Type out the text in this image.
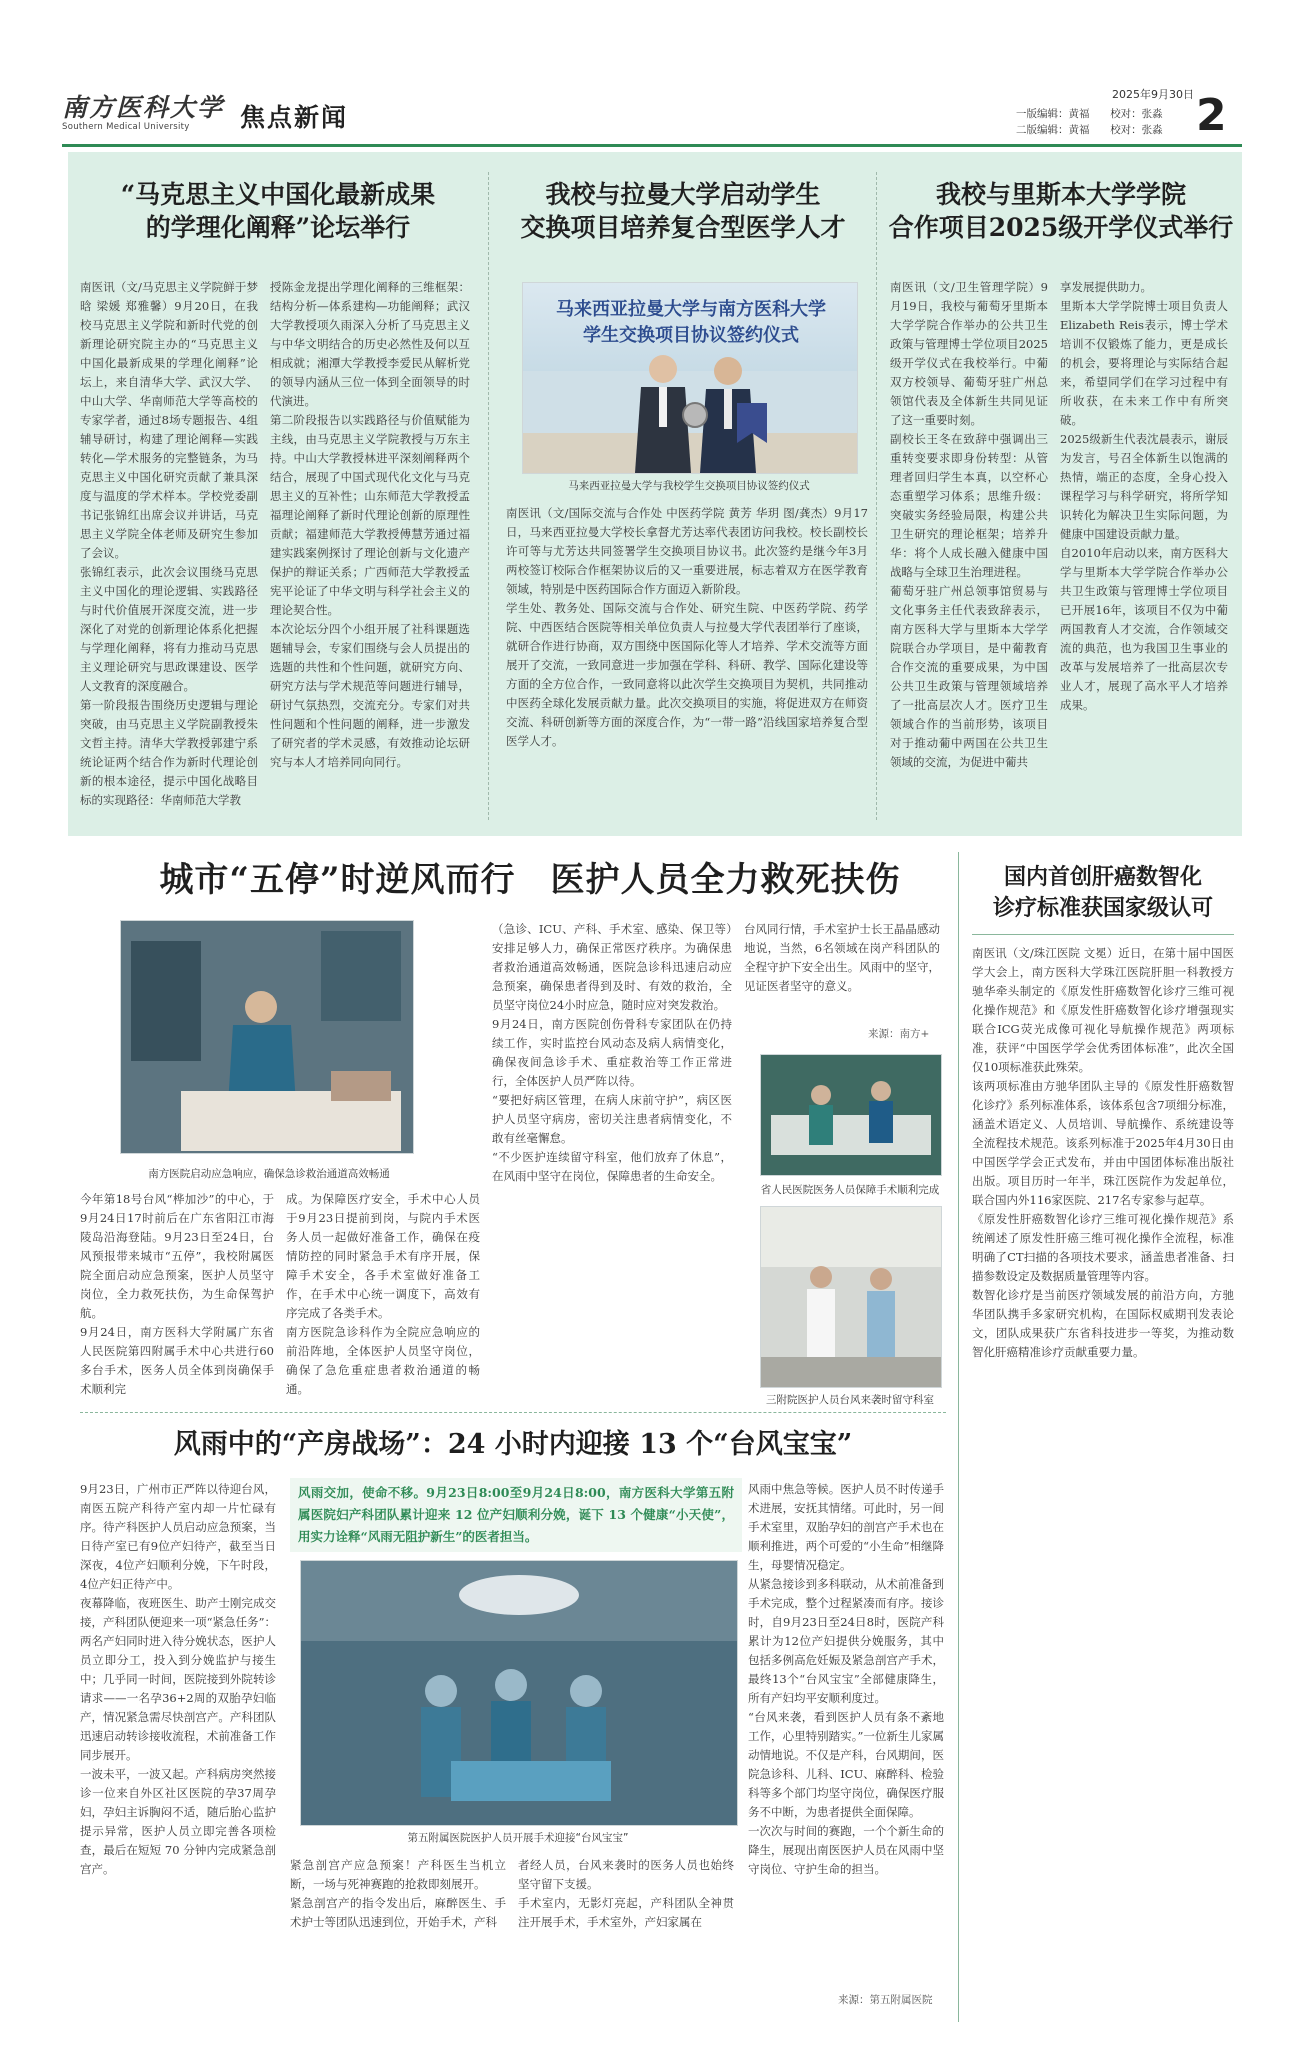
南方医科大学
Southern Medical University	焦点新闻
2025年9月30日
一版编辑：黄福 校对：张淼
二版编辑：黄福 校对：张淼 2
“马克思主义中国化最新成果
的学理化阐释”论坛举行
南医讯（文/马克思主义学院鲜于梦晗 梁媛 郑雅馨）9月20日，在我校马克思主义学院和新时代党的创新理论研究院主办的“马克思主义中国化最新成果的学理化阐释”论坛上，来自清华大学、武汉大学、中山大学、华南师范大学等高校的专家学者，通过8场专题报告、4组辅导研讨，构建了理论阐释—实践转化—学术服务的完整链条，为马克思主义中国化研究贡献了兼具深度与温度的学术样本。学校党委副书记张锦红出席会议并讲话，马克思主义学院全体老师及研究生参加了会议。
张锦红表示，此次会议围绕马克思主义中国化的理论逻辑、实践路径与时代价值展开深度交流，进一步深化了对党的创新理论体系化把握与学理化阐释，将有力推动马克思主义理论研究与思政课建设、医学人文教育的深度融合。
第一阶段报告围绕历史逻辑与理论突破，由马克思主义学院副教授朱文哲主持。清华大学教授郭建宁系统论证两个结合作为新时代理论创新的根本途径，提示中国化战略目标的实现路径：华南师范大学教
授陈金龙提出学理化阐释的三维框架：结构分析—体系建构—功能阐释；武汉大学教授项久雨深入分析了马克思主义与中华文明结合的历史必然性及何以互相成就；湘潭大学教授李爱民从解析党的领导内涵从三位一体到全面领导的时代演进。
第二阶段报告以实践路径与价值赋能为主线，由马克思主义学院教授与万东主持。中山大学教授林进平深刻阐释两个结合，展现了中国式现代化文化与马克思主义的互补性；山东师范大学教授孟福理论阐释了新时代理论创新的原理性贡献；福建师范大学教授傅慧芳通过福建实践案例探讨了理论创新与文化遗产保护的辩证关系；广西师范大学教授孟宪平论证了中华文明与科学社会主义的理论契合性。
本次论坛分四个小组开展了社科课题选题辅导会，专家们围绕与会人员提出的选题的共性和个性问题，就研究方向、研究方法与学术规范等问题进行辅导，研讨气氛热烈，交流充分。专家们对共性问题和个性问题的阐释，进一步激发了研究者的学术灵感，有效推动论坛研究与本人才培养同向同行。
我校与拉曼大学启动学生
交换项目培养复合型医学人才
马来西亚拉曼大学与南方医科大学
学生交换项目协议签约仪式
马来西亚拉曼大学与我校学生交换项目协议签约仪式
南医讯（文/国际交流与合作处 中医药学院 黄芳 华玥 图/龚杰）9月17日，马来西亚拉曼大学校长拿督尤芳达率代表团访问我校。校长副校长许可等与尤芳达共同签署学生交换项目协议书。此次签约是继今年3月两校签订校际合作框架协议后的又一重要进展，标志着双方在医学教育领域，特别是中医药国际合作方面迈入新阶段。
学生处、教务处、国际交流与合作处、研究生院、中医药学院、药学院、中西医结合医院等相关单位负责人与拉曼大学代表团举行了座谈，就研合作进行协商，双方围绕中医国际化等人才培养、学术交流等方面展开了交流，一致同意进一步加强在学科、科研、教学、国际化建设等方面的全方位合作，一致同意将以此次学生交换项目为契机，共同推动中医药全球化发展贡献力量。此次交换项目的实施，将促进双方在师资交流、科研创新等方面的深度合作，为“一带一路”沿线国家培养复合型医学人才。
我校与里斯本大学学院
合作项目2025级开学仪式举行
南医讯（文/卫生管理学院）9月19日，我校与葡萄牙里斯本大学学院合作举办的公共卫生政策与管理博士学位项目2025级开学仪式在我校举行。中葡双方校领导、葡萄牙驻广州总领馆代表及全体新生共同见证了这一重要时刻。
副校长王冬在致辞中强调出三重转变要求即身份转型：从管理者回归学生本真，以空杯心态重塑学习体系；思维升级：突破实务经验局限，构建公共卫生研究的理论框架；培养升华：将个人成长融入健康中国战略与全球卫生治理进程。
葡萄牙驻广州总领事馆贸易与文化事务主任代表致辞表示，南方医科大学与里斯本大学学院联合办学项目，是中葡教育合作交流的重要成果，为中国公共卫生政策与管理领域培养了一批高层次人才。医疗卫生领域合作的当前形势，该项目对于推动葡中两国在公共卫生领域的交流，为促进中葡共
享发展提供助力。
里斯本大学学院博士项目负责人Elizabeth Reis表示，博士学术培训不仅锻炼了能力，更是成长的机会，要将理论与实际结合起来，希望同学们在学习过程中有所收获，在未来工作中有所突破。
2025级新生代表沈晨表示，谢辰为发言，号召全体新生以饱满的热情，端正的态度，全身心投入课程学习与科学研究，将所学知识转化为解决卫生实际问题，为健康中国建设贡献力量。
自2010年启动以来，南方医科大学与里斯本大学学院合作举办公共卫生政策与管理博士学位项目已开展16年，该项目不仅为中葡两国教育人才交流，合作领域交流的典范，也为我国卫生事业的改革与发展培养了一批高层次专业人才，展现了高水平人才培养成果。
城市“五停”时逆风而行　医护人员全力救死扶伤
南方医院启动应急响应，确保急诊救治通道高效畅通
今年第18号台风“桦加沙”的中心，于9月24日17时前后在广东省阳江市海陵岛沿海登陆。9月23日至24日，台风预报带来城市“五停”，我校附属医院全面启动应急预案，医护人员坚守岗位，全力救死扶伤，为生命保驾护航。
9月24日，南方医科大学附属广东省人民医院第四附属手术中心共进行60多台手术，医务人员全体到岗确保手术顺利完
成。为保障医疗安全，手术中心人员于9月23日提前到岗，与院内手术医务人员一起做好准备工作，确保在疫情防控的同时紧急手术有序开展，保障手术安全，各手术室做好准备工作，在手术中心统一调度下，高效有序完成了各类手术。
南方医院急诊科作为全院应急响应的前沿阵地，全体医护人员坚守岗位，确保了急危重症患者救治通道的畅通。
（急诊、ICU、产科、手术室、感染、保卫等）安排足够人力，确保正常医疗秩序。为确保患者救治通道高效畅通，医院急诊科迅速启动应急预案，确保患者得到及时、有效的救治，全员坚守岗位24小时应急，随时应对突发救治。
9月24日，南方医院创伤骨科专家团队在仍持续工作，实时监控台风动态及病人病情变化，确保夜间急诊手术、重症救治等工作正常进行，全体医护人员严阵以待。
“要把好病区管理，在病人床前守护”，病区医护人员坚守病房，密切关注患者病情变化，不敢有丝毫懈怠。
“不少医护连续留守科室，他们放弃了休息”，在风雨中坚守在岗位，保障患者的生命安全。
台风同行情，手术室护士长王晶晶感动地说，当然，6名领域在岗产科团队的全程守护下安全出生。风雨中的坚守，见证医者坚守的意义。
来源：南方+
省人民医院医务人员保障手术顺利完成
三附院医护人员台风来袭时留守科室
国内首创肝癌数智化
诊疗标准获国家级认可
南医讯（文/珠江医院 文冕）近日，在第十届中国医学大会上，南方医科大学珠江医院肝胆一科教授方驰华牵头制定的《原发性肝癌数智化诊疗三维可视化操作规范》和《原发性肝癌数智化诊疗增强现实联合ICG荧光成像可视化导航操作规范》两项标准，获评“中国医学学会优秀团体标准”，此次全国仅10项标准获此殊荣。
该两项标准由方驰华团队主导的《原发性肝癌数智化诊疗》系列标准体系，该体系包含7项细分标准，涵盖术语定义、人员培训、导航操作、系统建设等全流程技术规范。该系列标准于2025年4月30日由中国医学学会正式发布，并由中国团体标准出版社出版。项目历时一年半，珠江医院作为发起单位，联合国内外116家医院、217名专家参与起草。
《原发性肝癌数智化诊疗三维可视化操作规范》系统阐述了原发性肝癌三维可视化操作全流程，标准明确了CT扫描的各项技术要求，涵盖患者准备、扫描参数设定及数据质量管理等内容。
数智化诊疗是当前医疗领域发展的前沿方向，方驰华团队携手多家研究机构，在国际权威期刊发表论文，团队成果获广东省科技进步一等奖，为推动数智化肝癌精准诊疗贡献重要力量。
风雨中的“产房战场”：24 小时内迎接 13 个“台风宝宝”
9月23日，广州市正严阵以待迎台风，南医五院产科待产室内却一片忙碌有序。待产科医护人员启动应急预案，当日待产室已有9位产妇待产，截至当日深夜，4位产妇顺利分娩，下午时段，4位产妇正待产中。
夜幕降临，夜班医生、助产士刚完成交接，产科团队便迎来一项“紧急任务”：两名产妇同时进入待分娩状态，医护人员立即分工，投入到分娩监护与接生中；几乎同一时间，医院接到外院转诊请求——一名孕36+2周的双胎孕妇临产，情况紧急需尽快剖宫产。产科团队迅速启动转诊接收流程，术前准备工作同步展开。
一波未平，一波又起。产科病房突然接诊一位来自外区社区医院的孕37周孕妇，孕妇主诉胸闷不适，随后胎心监护提示异常，医护人员立即完善各项检查，最后在短短 70 分钟内完成紧急剖宫产。
风雨交加，使命不移。9月23日8:00至9月24日8:00，南方医科大学第五附属医院妇产科团队累计迎来 12 位产妇顺利分娩，诞下 13 个健康“小天使”，用实力诠释“风雨无阻护新生”的医者担当。
第五附属医院医护人员开展手术迎接“台风宝宝”
紧急剖宫产应急预案！产科医生当机立断，一场与死神赛跑的抢救即刻展开。
紧急剖宫产的指令发出后，麻醉医生、手术护士等团队迅速到位，开始手术，产科
者经人员，台风来袭时的医务人员也始终坚守留下支援。
手术室内，无影灯亮起，产科团队全神贯注开展手术，手术室外，产妇家属在
风雨中焦急等候。医护人员不时传递手术进展，安抚其情绪。可此时，另一间手术室里，双胎孕妇的剖宫产手术也在顺利推进，两个可爱的“小生命”相继降生，母婴情况稳定。
从紧急接诊到多科联动，从术前准备到手术完成，整个过程紧凑而有序。接诊时，自9月23日至24日8时，医院产科累计为12位产妇提供分娩服务，其中包括多例高危妊娠及紧急剖宫产手术，最终13个“台风宝宝”全部健康降生，所有产妇均平安顺利度过。
“台风来袭，看到医护人员有条不紊地工作，心里特别踏实。”一位新生儿家属动情地说。不仅是产科，台风期间，医院急诊科、儿科、ICU、麻醉科、检验科等多个部门均坚守岗位，确保医疗服务不中断，为患者提供全面保障。
一次次与时间的赛跑，一个个新生命的降生，展现出南医医护人员在风雨中坚守岗位、守护生命的担当。
来源：第五附属医院
